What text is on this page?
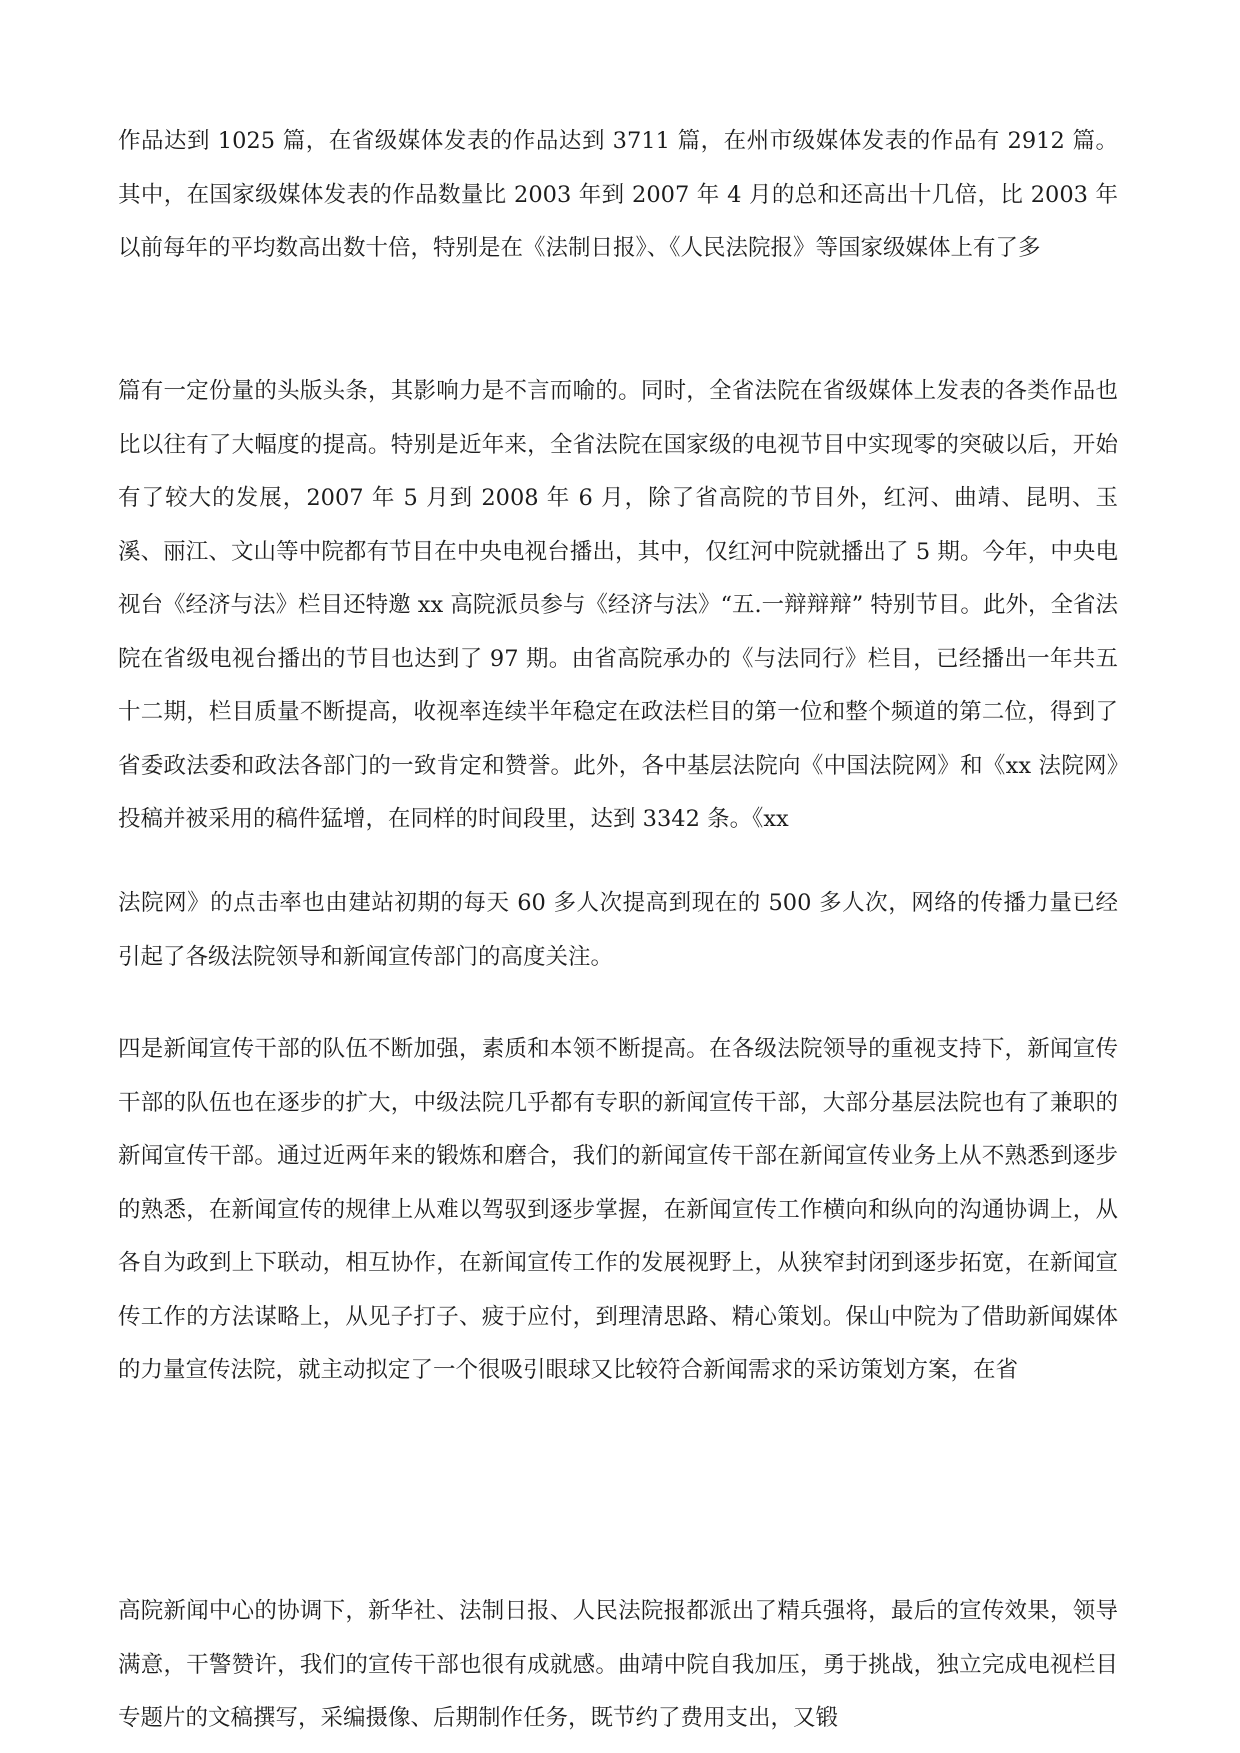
作品达到 1025 篇，在省级媒体发表的作品达到 3711 篇，在州市级媒体发表的作品有 2912 篇。其中，在国家级媒体发表的作品数量比 2003 年到 2007 年 4 月的总和还高出十几倍，比 2003 年以前每年的平均数高出数十倍，特别是在《法制日报》、《人民法院报》等国家级媒体上有了多

篇有一定份量的头版头条，其影响力是不言而喻的。同时，全省法院在省级媒体上发表的各类作品也比以往有了大幅度的提高。特别是近年来，全省法院在国家级的电视节目中实现零的突破以后，开始有了较大的发展，2007 年 5 月到 2008 年 6 月，除了省高院的节目外，红河、曲靖、昆明、玉溪、丽江、文山等中院都有节目在中央电视台播出，其中，仅红河中院就播出了 5 期。今年，中央电视台《经济与法》栏目还特邀 xx 高院派员参与《经济与法》“五.一辩辩辩” 特别节目。此外，全省法院在省级电视台播出的节目也达到了 97 期。由省高院承办的《与法同行》栏目，已经播出一年共五十二期，栏目质量不断提高，收视率连续半年稳定在政法栏目的第一位和整个频道的第二位，得到了省委政法委和政法各部门的一致肯定和赞誉。此外，各中基层法院向《中国法院网》和《xx 法院网》投稿并被采用的稿件猛增，在同样的时间段里，达到 3342 条。《xx

法院网》的点击率也由建站初期的每天 60 多人次提高到现在的 500 多人次，网络的传播力量已经引起了各级法院领导和新闻宣传部门的高度关注。

四是新闻宣传干部的队伍不断加强，素质和本领不断提高。在各级法院领导的重视支持下，新闻宣传干部的队伍也在逐步的扩大，中级法院几乎都有专职的新闻宣传干部，大部分基层法院也有了兼职的新闻宣传干部。通过近两年来的锻炼和磨合，我们的新闻宣传干部在新闻宣传业务上从不熟悉到逐步的熟悉，在新闻宣传的规律上从难以驾驭到逐步掌握，在新闻宣传工作横向和纵向的沟通协调上，从各自为政到上下联动，相互协作，在新闻宣传工作的发展视野上，从狭窄封闭到逐步拓宽，在新闻宣传工作的方法谋略上，从见子打子、疲于应付，到理清思路、精心策划。保山中院为了借助新闻媒体的力量宣传法院，就主动拟定了一个很吸引眼球又比较符合新闻需求的采访策划方案，在省

高院新闻中心的协调下，新华社、法制日报、人民法院报都派出了精兵强将，最后的宣传效果，领导满意，干警赞许，我们的宣传干部也很有成就感。曲靖中院自我加压，勇于挑战，独立完成电视栏目专题片的文稿撰写，采编摄像、后期制作任务，既节约了费用支出，又锻
